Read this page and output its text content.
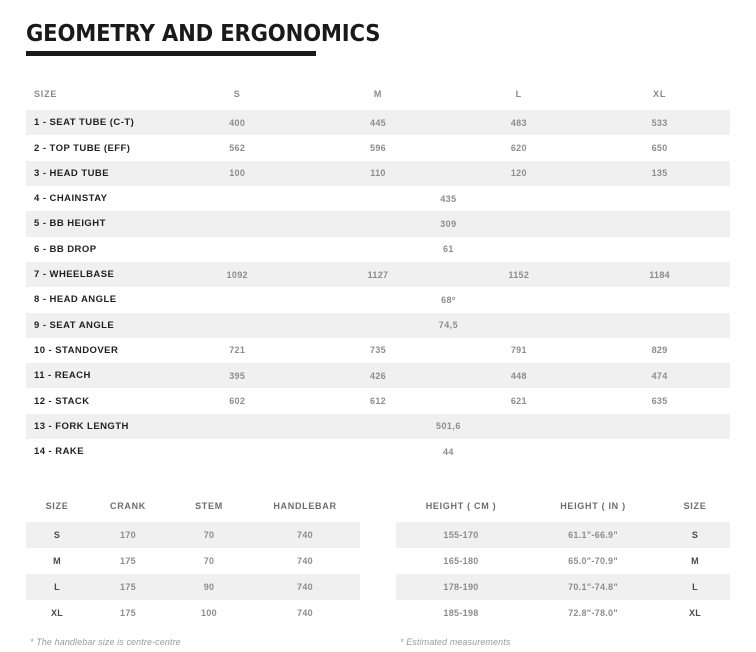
GEOMETRY AND ERGONOMICS
SIZE	S	M	L	XL
1 - SEAT TUBE (C-T)	400	445	483	533
2 - TOP TUBE (EFF)	562	596	620	650
3 - HEAD TUBE	100	110	120	135
4 - CHAINSTAY	435			
5 - BB HEIGHT	309			
6 - BB DROP	61			
7 - WHEELBASE	1092	1127	1152	1184
8 - HEAD ANGLE	68º			
9 - SEAT ANGLE	74,5			
10 - STANDOVER	721	735	791	829
11 - REACH	395	426	448	474
12 - STACK	602	612	621	635
13 - FORK LENGTH	501,6			
14 - RAKE	44			
SIZE	CRANK	STEM	HANDLEBAR
S	170	70	740
M	175	70	740
L	175	90	740
XL	175	100	740
HEIGHT ( CM )	HEIGHT ( IN )	SIZE
155-170	61.1"-66.9"	S
165-180	65.0"-70.9"	M
178-190	70.1"-74.8"	L
185-198	72.8"-78.0"	XL
* The handlebar size is centre-centre	* Estimated measurements
